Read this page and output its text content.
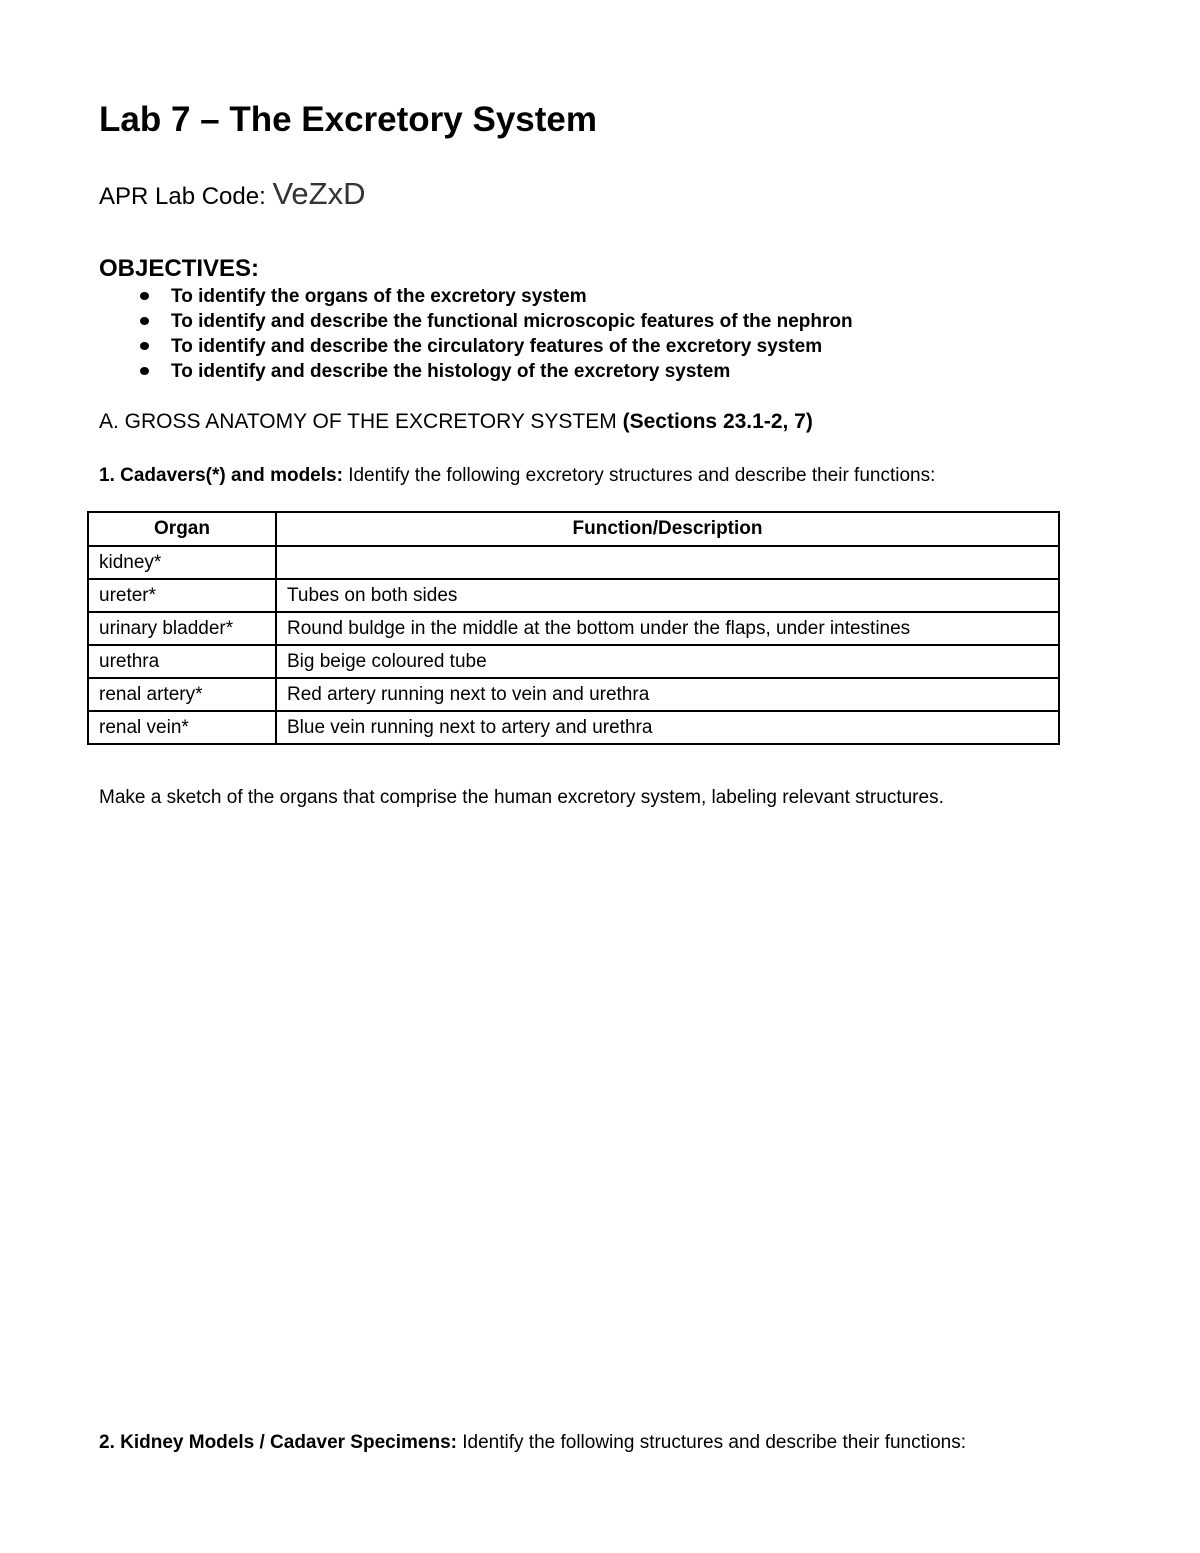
Lab 7 – The Excretory System
APR Lab Code: VeZxD
OBJECTIVES:
To identify the organs of the excretory system
To identify and describe the functional microscopic features of the nephron
To identify and describe the circulatory features of the excretory system
To identify and describe the histology of the excretory system
A. GROSS ANATOMY OF THE EXCRETORY SYSTEM (Sections 23.1-2, 7)
1. Cadavers(*) and models: Identify the following excretory structures and describe their functions:
Organ	Function/Description
kidney*	
ureter*	Tubes on both sides
urinary bladder*	Round buldge in the middle at the bottom under the flaps, under intestines
urethra	Big beige coloured tube
renal artery*	Red artery running next to vein and urethra
renal vein*	Blue vein running next to artery and urethra
Make a sketch of the organs that comprise the human excretory system, labeling relevant structures.
2. Kidney Models / Cadaver Specimens: Identify the following structures and describe their functions:
